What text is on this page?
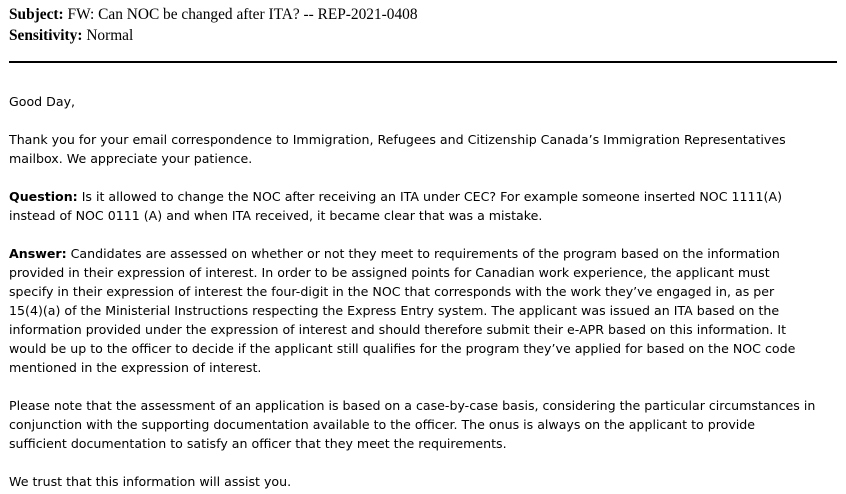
Subject: FW: Can NOC be changed after ITA? -- REP-2021-0408
Sensitivity: Normal

Good Day,

Thank you for your email correspondence to Immigration, Refugees and Citizenship Canada’s Immigration Representatives
mailbox. We appreciate your patience.

Question: Is it allowed to change the NOC after receiving an ITA under CEC? For example someone inserted NOC 1111(A)
instead of NOC 0111 (A) and when ITA received, it became clear that was a mistake.

Answer: Candidates are assessed on whether or not they meet to requirements of the program based on the information
provided in their expression of interest. In order to be assigned points for Canadian work experience, the applicant must
specify in their expression of interest the four-digit in the NOC that corresponds with the work they’ve engaged in, as per
15(4)(a) of the Ministerial Instructions respecting the Express Entry system. The applicant was issued an ITA based on the
information provided under the expression of interest and should therefore submit their e-APR based on this information. It
would be up to the officer to decide if the applicant still qualifies for the program they’ve applied for based on the NOC code
mentioned in the expression of interest.

Please note that the assessment of an application is based on a case-by-case basis, considering the particular circumstances in
conjunction with the supporting documentation available to the officer. The onus is always on the applicant to provide
sufficient documentation to satisfy an officer that they meet the requirements.

We trust that this information will assist you.
